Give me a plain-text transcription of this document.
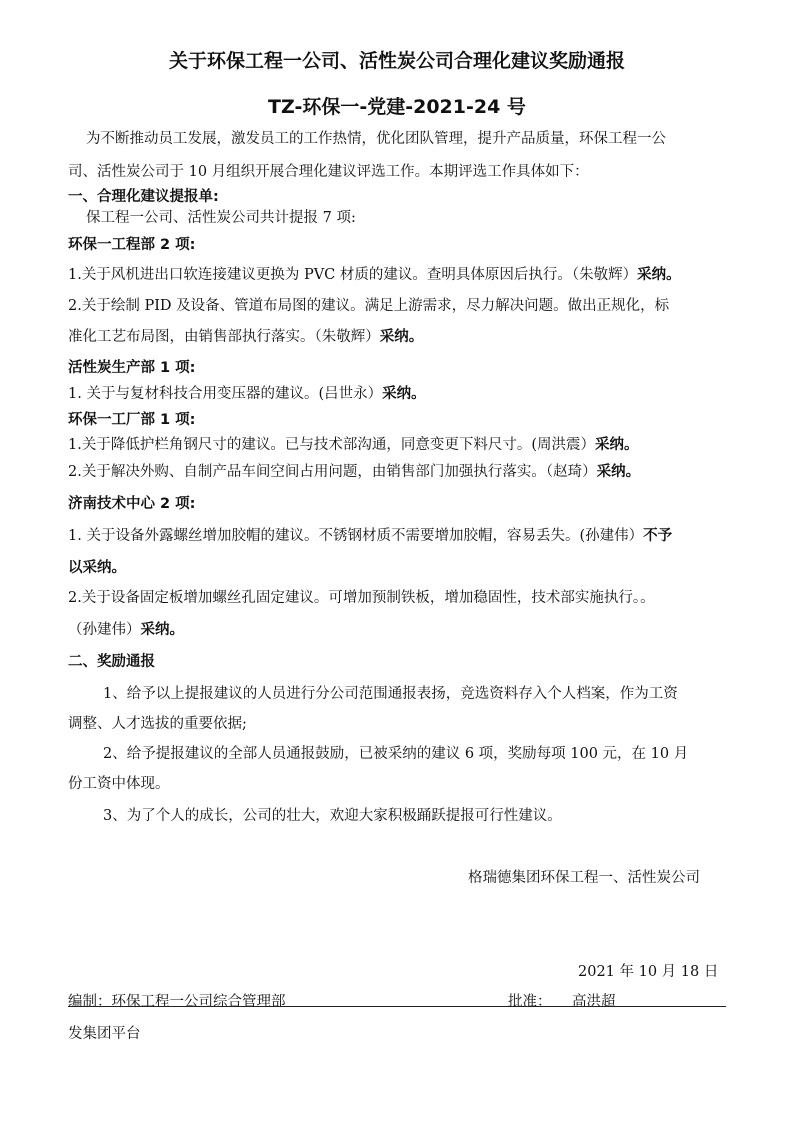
关于环保工程一公司、活性炭公司合理化建议奖励通报
TZ-环保一-党建-2021-24 号
为不断推动员工发展，激发员工的工作热情，优化团队管理，提升产品质量，环保工程一公
司、活性炭公司于 10 月组织开展合理化建议评选工作。本期评选工作具体如下：
一、合理化建议提报单:
保工程一公司、活性炭公司共计提报 7 项:
环保一工程部 2 项:
1.关于风机进出口软连接建议更换为 PVC 材质的建议。查明具体原因后执行。（朱敬辉）采纳。
2.关于绘制 PID 及设备、管道布局图的建议。满足上游需求，尽力解决问题。做出正规化，标
准化工艺布局图，由销售部执行落实。（朱敬辉）采纳。
活性炭生产部 1 项:
1. 关于与复材科技合用变压器的建议。(吕世永）采纳。
环保一工厂部 1 项:
1.关于降低护栏角钢尺寸的建议。已与技术部沟通，同意变更下料尺寸。(周洪震）采纳。
2.关于解决外购、自制产品车间空间占用问题，由销售部门加强执行落实。（赵琦）采纳。
济南技术中心 2 项:
1. 关于设备外露螺丝增加胶帽的建议。不锈钢材质不需要增加胶帽，容易丢失。(孙建伟）不予
以采纳。
2.关于设备固定板增加螺丝孔固定建议。可增加预制铁板，增加稳固性，技术部实施执行。。
（孙建伟）采纳。
二、奖励通报
1、给予以上提报建议的人员进行分公司范围通报表扬，竞选资料存入个人档案，作为工资
调整、人才选拔的重要依据;
2、给予提报建议的全部人员通报鼓励，已被采纳的建议 6 项，奖励每项 100 元，在 10 月
份工资中体现。
3、为了个人的成长，公司的壮大，欢迎大家积极踊跃提报可行性建议。
格瑞德集团环保工程一、活性炭公司
2021 年 10 月 18 日
编制：环保工程一公司综合管理部	批准： 高洪超
发集团平台
